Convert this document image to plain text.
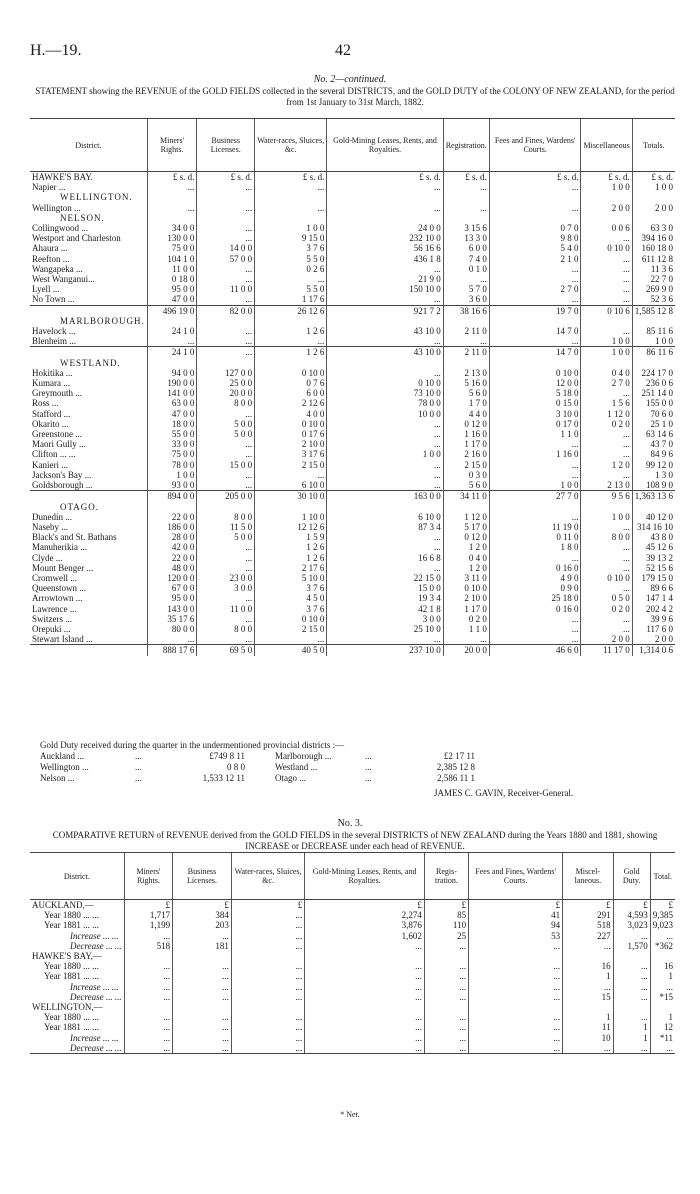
H.—19.	42
No. 2—continued.
STATEMENT showing the REVENUE of the GOLD FIELDS collected in the several DISTRICTS, and the GOLD DUTY of the COLONY OF NEW ZEALAND, for the period from 1st January to 31st March, 1882.
District.	Miners' Rights.	Business Licenses.	Water-races, Sluices, &c.	Gold-Mining Leases, Rents, and Royalties.	Registration.	Fees and Fines, Wardens' Courts.	Miscellaneous	Totals.
HAWKE'S BAY.	£ s. d.	£ s. d.	£ s. d.	£ s. d.	£ s. d.	£ s. d.	£ s. d.	£ s. d.
Napier ...	...	...	...	...	...	...	1 0 0	1 0 0
WELLINGTON.								
Wellington ...	...	...	...	...	...	...	2 0 0	2 0 0
NELSON.								
Collingwood ...	34 0 0	...	1 0 0	24 0 0	3 15 6	0 7 0	0 0 6	63 3 0
Westport and Charleston	130 0 0	...	9 15 0	232 10 0	13 3 0	9 8 0	...	394 16 0
Ahaura ...	75 0 0	14 0 0	3 7 6	56 16 6	6 0 0	5 4 0	0 10 0	160 18 0
Reefton ...	104 1 0	57 0 0	5 5 0	436 1 8	7 4 0	2 1 0	...	611 12 8
Wangapeka ...	11 0 0	...	0 2 6	...	0 1 0	...	...	11 3 6
West Wanganui...	0 18 0	...	...	21 9 0	...	...	...	22 7 0
Lyell ...	95 0 0	11 0 0	5 5 0	150 10 0	5 7 0	2 7 0	...	269 9 0
No Town ...	47 0 0	...	1 17 6	...	3 6 0	...	...	52 3 6
	496 19 0	82 0 0	26 12 6	921 7 2	38 16 6	19 7 0	0 10 6	1,585 12 8
MARLBOROUGH.								
Havelock ...	24 1 0	...	1 2 6	43 10 0	2 11 0	14 7 0	...	85 11 6
Blenheim ...	...	...	...	...	...	...	1 0 0	1 0 0
	24 1 0	...	1 2 6	43 10 0	2 11 0	14 7 0	1 0 0	86 11 6
WESTLAND.								
Hokitika ...	94 0 0	127 0 0	0 10 0	...	2 13 0	0 10 0	0 4 0	224 17 0
Kumara ...	190 0 0	25 0 0	0 7 6	0 10 0	5 16 0	12 0 0	2 7 0	236 0 6
Greymouth ...	141 0 0	20 0 0	6 0 0	73 10 0	5 6 0	5 18 0	...	251 14 0
Ross ...	63 0 0	8 0 0	2 12 6	78 0 0	1 7 0	0 15 0	1 5 6	155 0 0
Stafford ...	47 0 0	...	4 0 0	10 0 0	4 4 0	3 10 0	1 12 0	70 6 0
Okarito ...	18 0 0	5 0 0	0 10 0	...	0 12 0	0 17 0	0 2 0	25 1 0
Greenstone ...	55 0 0	5 0 0	0 17 6	...	1 16 0	1 1 0	...	63 14 6
Maori Gully ...	33 0 0	...	2 10 0	...	1 17 0	...	...	43 7 0
Clifton ... ...	75 0 0	...	3 17 6	1 0 0	2 16 0	1 16 0	...	84 9 6
Kanieri ...	78 0 0	15 0 0	2 15 0	...	2 15 0	...	1 2 0	99 12 0
Jackson's Bay ...	1 0 0	...	...	...	0 3 0	...	...	1 3 0
Goldsborough ...	93 0 0	...	6 10 0	...	5 6 0	1 0 0	2 13 0	108 9 0
	894 0 0	205 0 0	30 10 0	163 0 0	34 11 0	27 7 0	9 5 6	1,363 13 6
OTAGO.								
Dunedin ...	22 0 0	8 0 0	1 10 0	6 10 0	1 12 0	...	1 0 0	40 12 0
Naseby ...	186 0 0	11 5 0	12 12 6	87 3 4	5 17 0	11 19 0	...	314 16 10
Black's and St. Bathans	28 0 0	5 0 0	1 5 9	...	0 12 0	0 11 0	8 0 0	43 8 0
Manuherikia ...	42 0 0	...	1 2 6	...	1 2 0	1 8 0	...	45 12 6
Clyde ...	22 0 0	...	1 2 6	16 6 8	0 4 0	...	...	39 13 2
Mount Benger ...	48 0 0	...	2 17 6	...	1 2 0	0 16 0	...	52 15 6
Cromwell ...	120 0 0	23 0 0	5 10 0	22 15 0	3 11 0	4 9 0	0 10 0	179 15 0
Queenstown ...	67 0 0	3 0 0	3 7 6	15 0 0	0 10 0	0 9 0	...	89 6 6
Arrowtown ...	95 0 0	...	4 5 0	19 3 4	2 10 0	25 18 0	0 5 0	147 1 4
Lawrence ...	143 0 0	11 0 0	3 7 6	42 1 8	1 17 0	0 16 0	0 2 0	202 4 2
Switzers ...	35 17 6	...	0 10 0	3 0 0	0 2 0	...	...	39 9 6
Orepuki ...	80 0 0	8 0 0	2 15 0	25 10 0	1 1 0	...	...	117 6 0
Stewart Island ...	...	...	...	...	...	...	2 0 0	2 0 0
	888 17 6	69 5 0	40 5 0	237 10 0	20 0 0	46 6 0	11 17 0	1,314 0 6
Gold Duty received during the quarter in the undermentioned provincial districts :—
Auckland ...	...	£749 8 11	Marlborough ...	...	£2 17 11
Wellington ...	...	0 8 0	Westland ...	...	2,385 12 8
Nelson ...	...	1,533 12 11	Otago ...	...	2,586 11 1
JAMES C. GAVIN, Receiver-General.
No. 3.
COMPARATIVE RETURN of REVENUE derived from the GOLD FIELDS in the several DISTRICTS of NEW ZEALAND during the Years 1880 and 1881, showing INCREASE or DECREASE under each head of REVENUE.
District.	Miners' Rights.	Business Licenses.	Water-races, Sluices, &c.	Gold-Mining Leases, Rents, and Royalties.	Regis-tration.	Fees and Fines, Wardens' Courts.	Miscel-laneous.	Gold Duty.	Total.
AUCKLAND,—	£	£	£	£	£	£	£	£	£
Year 1880 ... ...	1,717	384	...	2,274	85	41	291	4,593	9,385
Year 1881 ... ...	1,199	203	...	3,876	110	94	518	3,023	9,023
Increase ... ...	...	...	...	1,602	25	53	227	...	...
Decrease ... ...	518	181	...	...	...	...	...	1,570	*362
HAWKE'S BAY,—									
Year 1880 ... ...	...	...	...	...	...	...	16	...	16
Year 1881 ... ...	...	...	...	...	...	...	1	...	1
Increase ... ...	...	...	...	...	...	...	...	...	...
Decrease ... ...	...	...	...	...	...	...	15	...	*15
WELLINGTON,—									
Year 1880 ... ...	...	...	...	...	...	...	1	...	1
Year 1881 ... ...	...	...	...	...	...	...	11	1	12
Increase ... ...	...	...	...	...	...	...	10	1	*11
Decrease ... ...	...	...	...	...	...	...	...	...	...
* Net.
